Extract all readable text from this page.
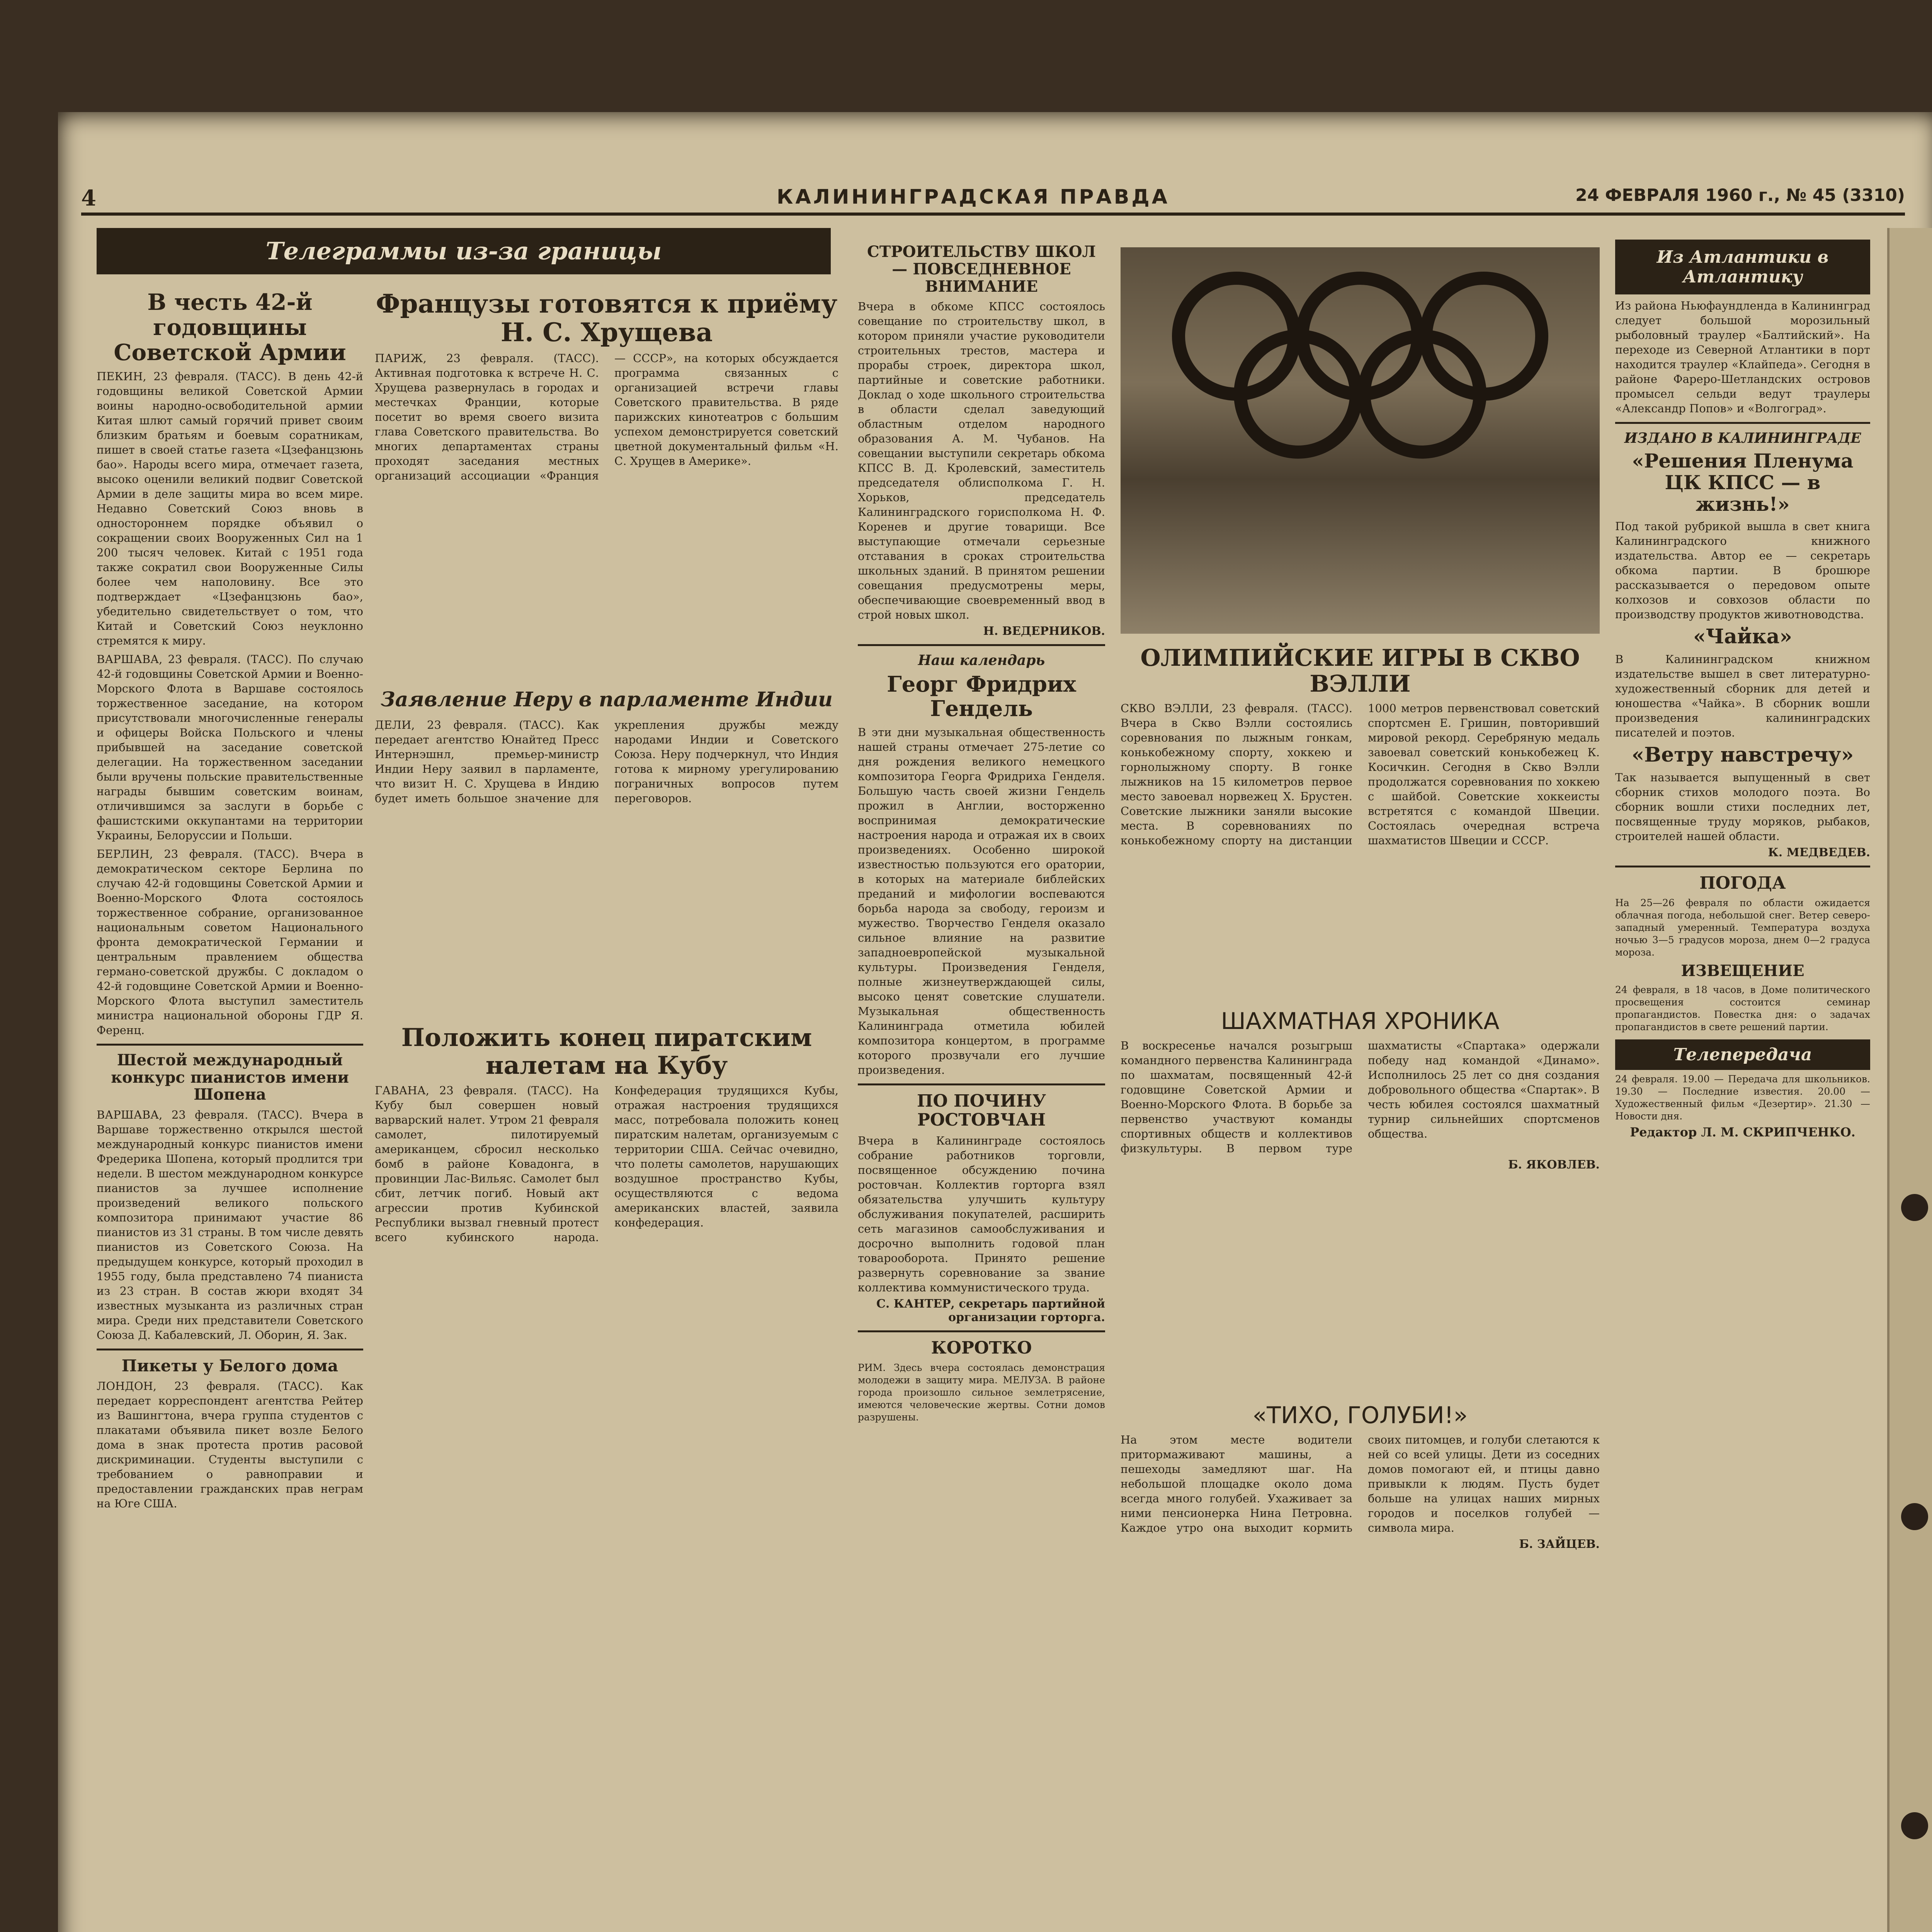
4	КАЛИНИНГРАДСКАЯ ПРАВДА	24 ФЕВРАЛЯ 1960 г., № 45 (3310)
Телеграммы из-за границы
В честь 42-й годовщины Советской Армии
ПЕКИН, 23 февраля. (ТАСС). В день 42-й годовщины великой Советской Армии воины народно-освободительной армии Китая шлют самый горячий привет своим близким братьям и боевым соратникам, пишет в своей статье газета «Цзефанцзюнь бао». Народы всего мира, отмечает газета, высоко оценили великий подвиг Советской Армии в деле защиты мира во всем мире. Недавно Советский Союз вновь в одностороннем порядке объявил о сокращении своих Вооруженных Сил на 1 200 тысяч человек. Китай с 1951 года также сократил свои Вооруженные Силы более чем наполовину. Все это подтверждает «Цзефанцзюнь бао», убедительно свидетельствует о том, что Китай и Советский Союз неуклонно стремятся к миру.
ВАРШАВА, 23 февраля. (ТАСС). По случаю 42-й годовщины Советской Армии и Военно-Морского Флота в Варшаве состоялось торжественное заседание, на котором присутствовали многочисленные генералы и офицеры Войска Польского и члены прибывшей на заседание советской делегации. На торжественном заседании были вручены польские правительственные награды бывшим советским воинам, отличившимся за заслуги в борьбе с фашистскими оккупантами на территории Украины, Белоруссии и Польши.
БЕРЛИН, 23 февраля. (ТАСС). Вчера в демократическом секторе Берлина по случаю 42-й годовщины Советской Армии и Военно-Морского Флота состоялось торжественное собрание, организованное национальным советом Национального фронта демократической Германии и центральным правлением общества германо-советской дружбы. С докладом о 42-й годовщине Советской Армии и Военно-Морского Флота выступил заместитель министра национальной обороны ГДР Я. Ференц.
Шестой международный конкурс пианистов имени Шопена
ВАРШАВА, 23 февраля. (ТАСС). Вчера в Варшаве торжественно открылся шестой международный конкурс пианистов имени Фредерика Шопена, который продлится три недели. В шестом международном конкурсе пианистов за лучшее исполнение произведений великого польского композитора принимают участие 86 пианистов из 31 страны. В том числе девять пианистов из Советского Союза. На предыдущем конкурсе, который проходил в 1955 году, была представлено 74 пианиста из 23 стран. В состав жюри входят 34 известных музыканта из различных стран мира. Среди них представители Советского Союза Д. Кабалевский, Л. Оборин, Я. Зак.
Пикеты у Белого дома
ЛОНДОН, 23 февраля. (ТАСС). Как передает корреспондент агентства Рейтер из Вашингтона, вчера группа студентов с плакатами объявила пикет возле Белого дома в знак протеста против расовой дискриминации. Студенты выступили с требованием о равноправии и предоставлении гражданских прав неграм на Юге США.
Французы готовятся к приёму Н. С. Хрущева
ПАРИЖ, 23 февраля. (ТАСС). Активная подготовка к встрече Н. С. Хрущева развернулась в городах и местечках Франции, которые посетит во время своего визита глава Советского правительства. Во многих департаментах страны проходят заседания местных организаций ассоциации «Франция — СССР», на которых обсуждается программа связанных с организацией встречи главы Советского правительства. В ряде парижских кинотеатров с большим успехом демонстрируется советский цветной документальный фильм «Н. С. Хрущев в Америке».
Заявление Неру в парламенте Индии
ДЕЛИ, 23 февраля. (ТАСС). Как передает агентство Юнайтед Пресс Интернэшнл, премьер-министр Индии Неру заявил в парламенте, что визит Н. С. Хрущева в Индию будет иметь большое значение для укрепления дружбы между народами Индии и Советского Союза. Неру подчеркнул, что Индия готова к мирному урегулированию пограничных вопросов путем переговоров.
Положить конец пиратским налетам на Кубу
ГАВАНА, 23 февраля. (ТАСС). На Кубу был совершен новый варварский налет. Утром 21 февраля самолет, пилотируемый американцем, сбросил несколько бомб в районе Ковадонга, в провинции Лас-Вильяс. Самолет был сбит, летчик погиб. Новый акт агрессии против Кубинской Республики вызвал гневный протест всего кубинского народа. Конфедерация трудящихся Кубы, отражая настроения трудящихся масс, потребовала положить конец пиратским налетам, организуемым с территории США. Сейчас очевидно, что полеты самолетов, нарушающих воздушное пространство Кубы, осуществляются с ведома американских властей, заявила конфедерация.
СТРОИТЕЛЬСТВУ ШКОЛ — ПОВСЕДНЕВНОЕ ВНИМАНИЕ
Вчера в обкоме КПСС состоялось совещание по строительству школ, в котором приняли участие руководители строительных трестов, мастера и прорабы строек, директора школ, партийные и советские работники. Доклад о ходе школьного строительства в области сделал заведующий областным отделом народного образования А. М. Чубанов. На совещании выступили секретарь обкома КПСС В. Д. Кролевский, заместитель председателя облисполкома Г. Н. Хорьков, председатель Калининградского горисполкома Н. Ф. Коренев и другие товарищи. Все выступающие отмечали серьезные отставания в сроках строительства школьных зданий. В принятом решении совещания предусмотрены меры, обеспечивающие своевременный ввод в строй новых школ.
Н. ВЕДЕРНИКОВ.
Наш календарь
Георг Фридрих Гендель
В эти дни музыкальная общественность нашей страны отмечает 275-летие со дня рождения великого немецкого композитора Георга Фридриха Генделя. Большую часть своей жизни Гендель прожил в Англии, восторженно воспринимая демократические настроения народа и отражая их в своих произведениях. Особенно широкой известностью пользуются его оратории, в которых на материале библейских преданий и мифологии воспеваются борьба народа за свободу, героизм и мужество. Творчество Генделя оказало сильное влияние на развитие западноевропейской музыкальной культуры. Произведения Генделя, полные жизнеутверждающей силы, высоко ценят советские слушатели. Музыкальная общественность Калининграда отметила юбилей композитора концертом, в программе которого прозвучали его лучшие произведения.
ПО ПОЧИНУ РОСТОВЧАН
Вчера в Калининграде состоялось собрание работников торговли, посвященное обсуждению почина ростовчан. Коллектив горторга взял обязательства улучшить культуру обслуживания покупателей, расширить сеть магазинов самообслуживания и досрочно выполнить годовой план товарооборота. Принято решение развернуть соревнование за звание коллектива коммунистического труда.
С. КАНТЕР, секретарь партийной организации горторга.
КОРОТКО
РИМ. Здесь вчера состоялась демонстрация молодежи в защиту мира. МЕЛУЗА. В районе города произошло сильное землетрясение, имеются человеческие жертвы. Сотни домов разрушены.
ОЛИМПИЙСКИЕ ИГРЫ В СКВО ВЭЛЛИ
СКВО ВЭЛЛИ, 23 февраля. (ТАСС). Вчера в Скво Вэлли состоялись соревнования по лыжным гонкам, конькобежному спорту, хоккею и горнолыжному спорту. В гонке лыжников на 15 километров первое место завоевал норвежец Х. Брустен. Советские лыжники заняли высокие места. В соревнованиях по конькобежному спорту на дистанции 1000 метров первенствовал советский спортсмен Е. Гришин, повторивший мировой рекорд. Серебряную медаль завоевал советский конькобежец К. Косичкин. Сегодня в Скво Вэлли продолжатся соревнования по хоккею с шайбой. Советские хоккеисты встретятся с командой Швеции. Состоялась очередная встреча шахматистов Швеции и СССР.
ШАХМАТНАЯ ХРОНИКА
В воскресенье начался розыгрыш командного первенства Калининграда по шахматам, посвященный 42-й годовщине Советской Армии и Военно-Морского Флота. В борьбе за первенство участвуют команды спортивных обществ и коллективов физкультуры. В первом туре шахматисты «Спартака» одержали победу над командой «Динамо». Исполнилось 25 лет со дня создания добровольного общества «Спартак». В честь юбилея состоялся шахматный турнир сильнейших спортсменов общества.
Б. ЯКОВЛЕВ.
«ТИХО, ГОЛУБИ!»
На этом месте водители притормаживают машины, а пешеходы замедляют шаг. На небольшой площадке около дома всегда много голубей. Ухаживает за ними пенсионерка Нина Петровна. Каждое утро она выходит кормить своих питомцев, и голуби слетаются к ней со всей улицы. Дети из соседних домов помогают ей, и птицы давно привыкли к людям. Пусть будет больше на улицах наших мирных городов и поселков голубей — символа мира.
Б. ЗАЙЦЕВ.
Из Атлантики в Атлантику
Из района Ньюфаундленда в Калининград следует большой морозильный рыболовный траулер «Балтийский». На переходе из Северной Атлантики в порт находится траулер «Клайпеда». Сегодня в районе Фареро-Шетландских островов промысел сельди ведут траулеры «Александр Попов» и «Волгоград».
ИЗДАНО В КАЛИНИНГРАДЕ
«Решения Пленума ЦК КПСС — в жизнь!»
Под такой рубрикой вышла в свет книга Калининградского книжного издательства. Автор ее — секретарь обкома партии. В брошюре рассказывается о передовом опыте колхозов и совхозов области по производству продуктов животноводства.
«Чайка»
В Калининградском книжном издательстве вышел в свет литературно-художественный сборник для детей и юношества «Чайка». В сборник вошли произведения калининградских писателей и поэтов.
«Ветру навстречу»
Так называется выпущенный в свет сборник стихов молодого поэта. Во сборник вошли стихи последних лет, посвященные труду моряков, рыбаков, строителей нашей области.
К. МЕДВЕДЕВ.
ПОГОДА
На 25—26 февраля по области ожидается облачная погода, небольшой снег. Ветер северо-западный умеренный. Температура воздуха ночью 3—5 градусов мороза, днем 0—2 градуса мороза.
ИЗВЕЩЕНИЕ
24 февраля, в 18 часов, в Доме политического просвещения состоится семинар пропагандистов. Повестка дня: о задачах пропагандистов в свете решений партии.
Телепередача
24 февраля. 19.00 — Передача для школьников. 19.30 — Последние известия. 20.00 — Художественный фильм «Дезертир». 21.30 — Новости дня.
Редактор Л. М. СКРИПЧЕНКО.
